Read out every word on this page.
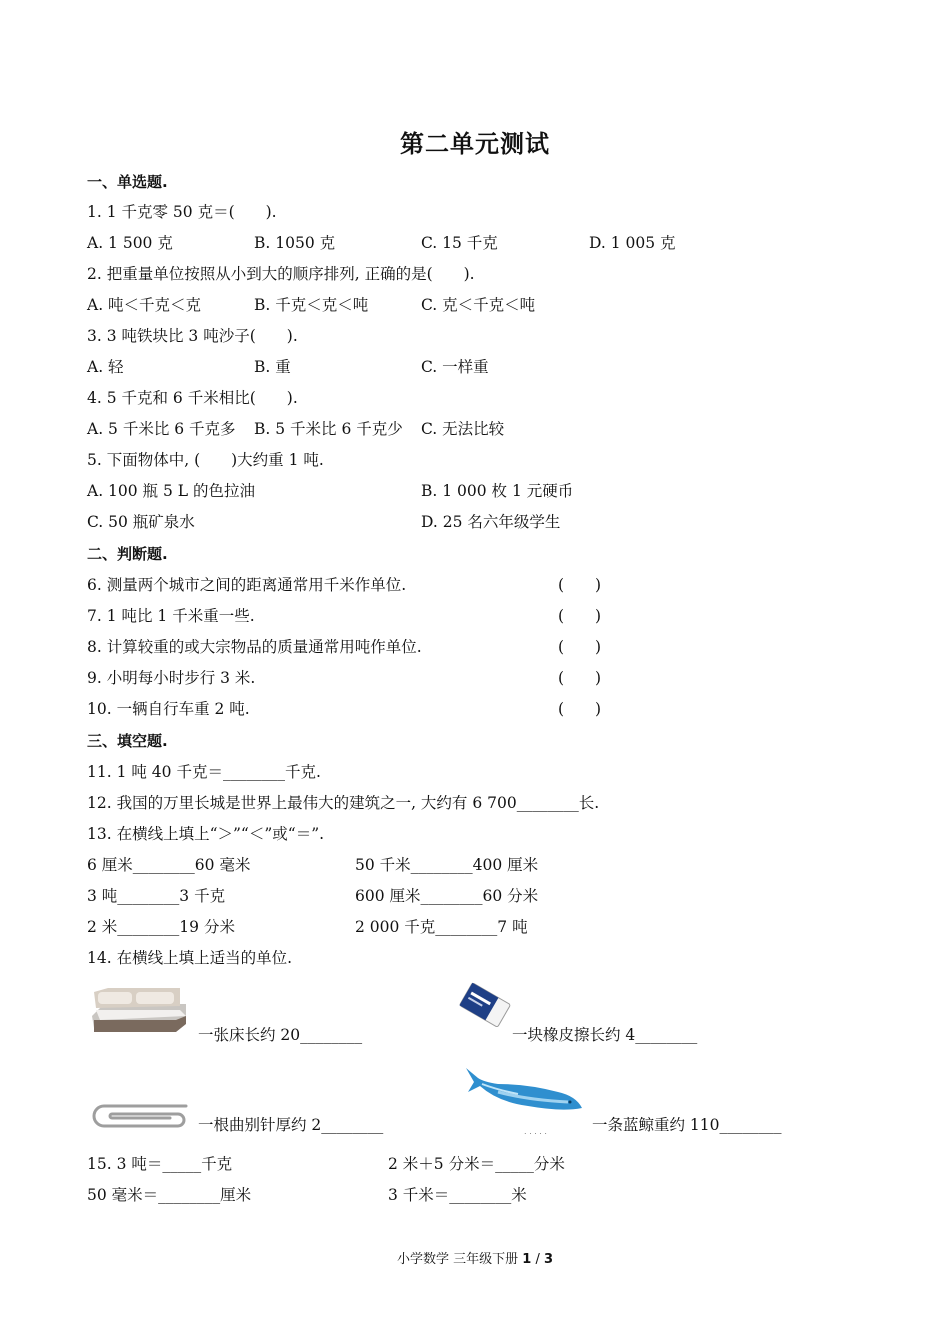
第二单元测试
一、单选题.
1. 1 千克零 50 克＝(　　).
A. 1 500 克	B. 1050 克	C. 15 千克	D. 1 005 克
2. 把重量单位按照从小到大的顺序排列, 正确的是(　　).
A. 吨＜千克＜克	B. 千克＜克＜吨	C. 克＜千克＜吨
3. 3 吨铁块比 3 吨沙子(　　).
A. 轻	B. 重	C. 一样重
4. 5 千克和 6 千米相比(　　).
A. 5 千米比 6 千克多 B. 5 千米比 6 千克少 C. 无法比较
5. 下面物体中, (　　)大约重 1 吨.
A. 100 瓶 5 L 的色拉油	B. 1 000 枚 1 元硬币
C. 50 瓶矿泉水	D. 25 名六年级学生
二、判断题.
6. 测量两个城市之间的距离通常用千米作单位.	(　　)
7. 1 吨比 1 千米重一些.	(　　)
8. 计算较重的或大宗物品的质量通常用吨作单位.	(　　)
9. 小明每小时步行 3 米.	(　　)
10. 一辆自行车重 2 吨.	(　　)
三、填空题.
11. 1 吨 40 千克＝________千克.
12. 我国的万里长城是世界上最伟大的建筑之一, 大约有 6 700________长.
13. 在横线上填上“＞”“＜”或“＝”.
6 厘米________60 毫米	50 千米________400 厘米
3 吨________3 千克	600 厘米________60 分米
2 米________19 分米	2 000 千克________7 吨
14. 在横线上填上适当的单位.
一张床长约 20________	一块橡皮擦长约 4________
一根曲别针厚约 2________	. . . . .	一条蓝鲸重约 110________
15. 3 吨＝_____千克	2 米＋5 分米＝_____分米
50 毫米＝________厘米	3 千米＝________米
小学数学 三年级下册 1 / 3
